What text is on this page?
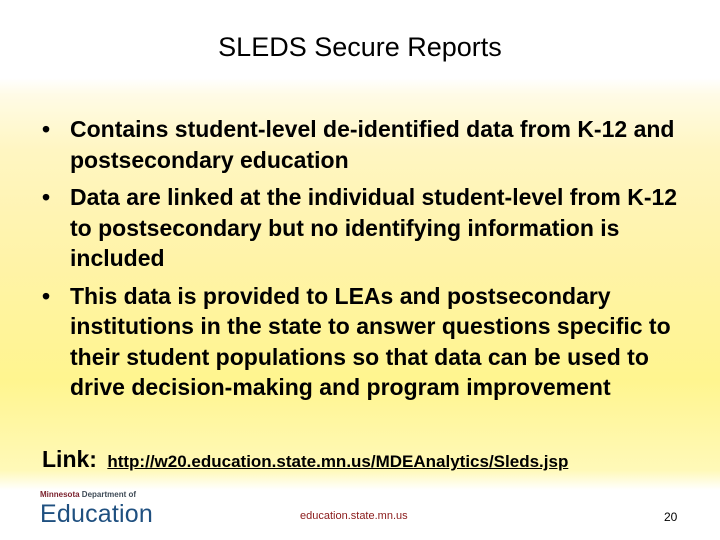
SLEDS Secure Reports
• Contains student-level de-identified data from K-12 and postsecondary education
• Data are linked at the individual student-level from K-12 to postsecondary but no identifying information is included
• This data is provided to LEAs and postsecondary institutions in the state to answer questions specific to their student populations so that data can be used to drive decision-making and program improvement
Link: http://w20.education.state.mn.us/MDEAnalytics/Sleds.jsp
Minnesota Department of
Education	education.state.mn.us	20
